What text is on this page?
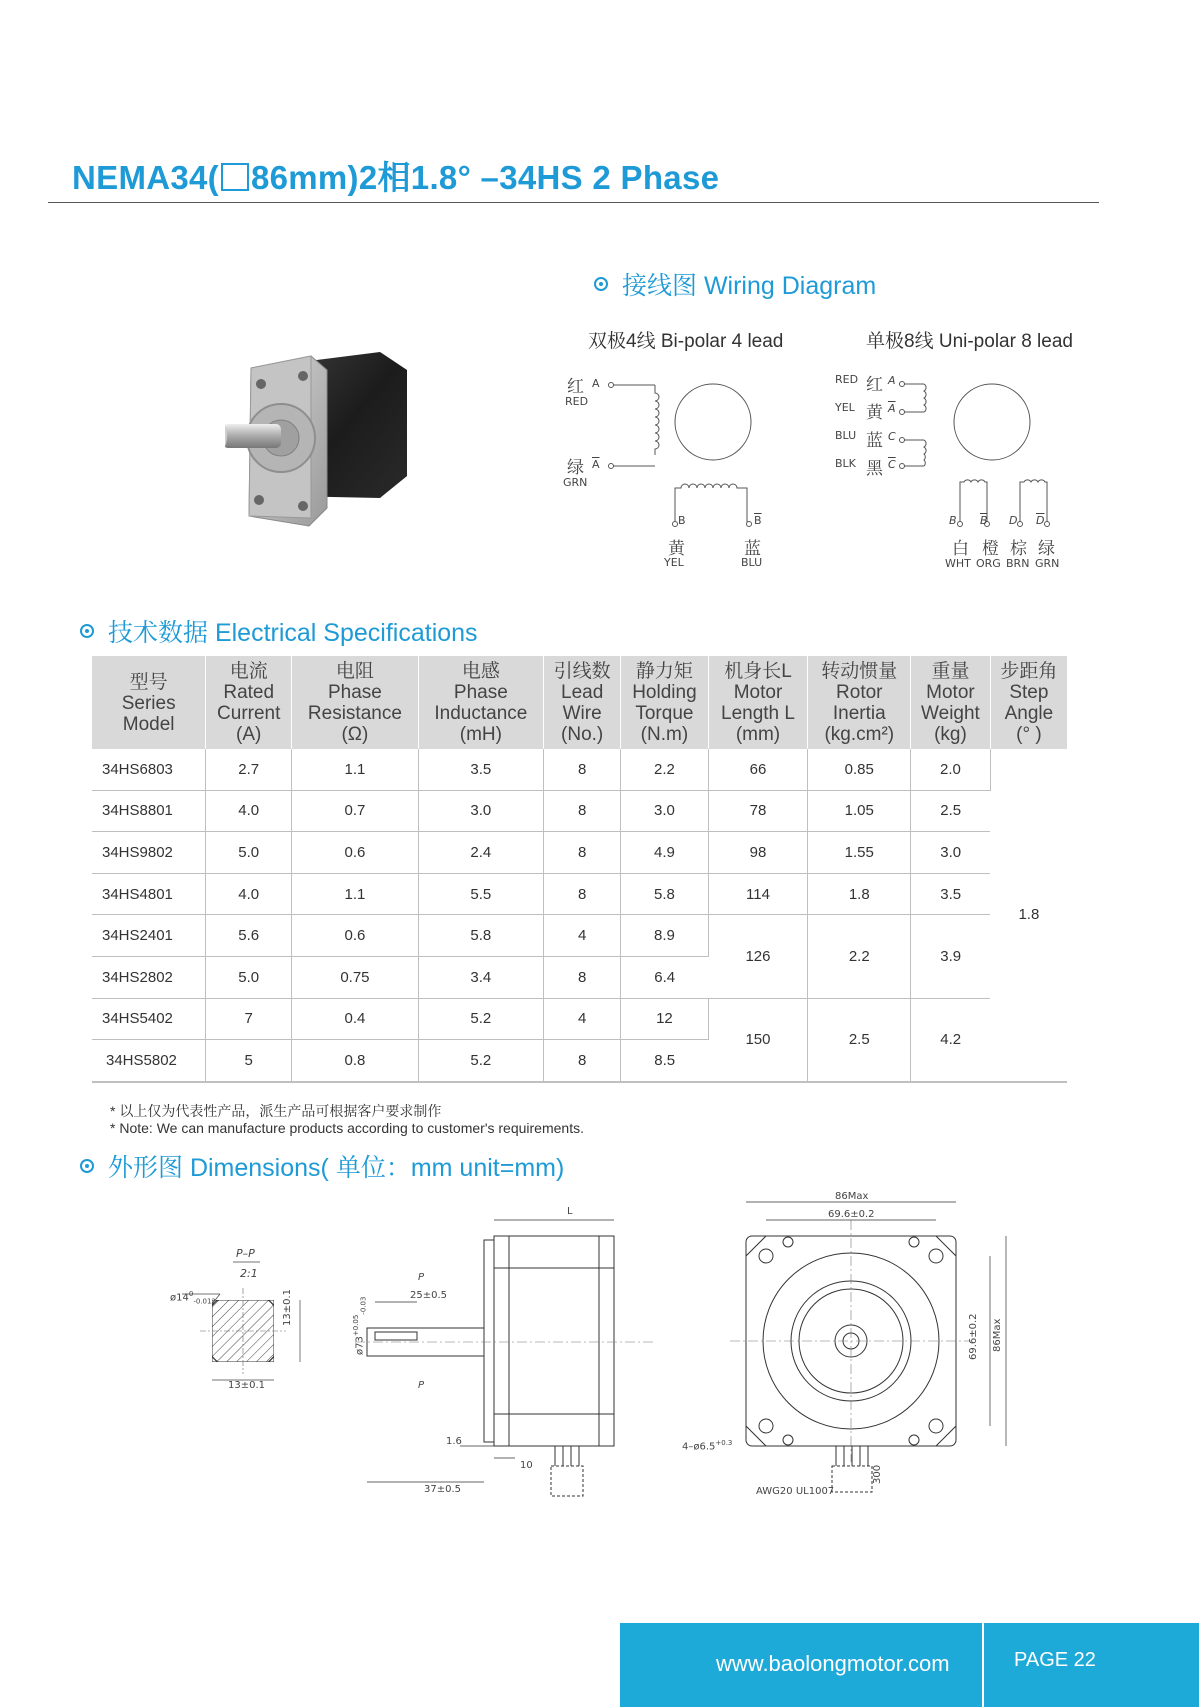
NEMA34( 86mm)2相1.8° –34HS 2 Phase
接线图 Wiring Diagram
双极4线 Bi-polar 4 lead	单极8线 Uni-polar 8 lead
红 A
RED
绿 $\overline{A}$
GRN
B
黄
YEL
$\overline{B}$
蓝
BLU
RED 红 A
YEL 黄 $\overline{A}$
BLU 蓝 C
BLK 黑 $\overline{C}$
B
白
WHT
$\overline{B}$
橙
ORG
D
棕
BRN
$\overline{D}$
绿
GRN
技术数据 Electrical Specifications
型号
Series
Model	电流
Rated
Current
(A)	电阻
Phase
Resistance
(Ω)	电感
Phase
Inductance
(mH)	引线数
Lead
Wire
(No.)	静力矩
Holding
Torque
(N.m)	机身长L
Motor
Length L
(mm)	转动惯量
Rotor
Inertia
(kg.cm²)	重量
Motor
Weight
(kg)	步距角
Step
Angle
(° )
34HS6803	2.7	1.1	3.5	8	2.2	66	0.85	2.0	1.8
34HS8801	4.0	0.7	3.0	8	3.0	78	1.05	2.5	
34HS9802	5.0	0.6	2.4	8	4.9	98	1.55	3.0	
34HS4801	4.0	1.1	5.5	8	5.8	114	1.8	3.5	
34HS2401	5.6	0.6	5.8	4	8.9	126	2.2	3.9	
34HS2802	5.0	0.75	3.4	8	6.4				
34HS5402	7	0.4	5.2	4	12	150	2.5	4.2	
34HS5802	5	0.8	5.2	8	8.5				
* 以上仅为代表性产品，派生产品可根据客户要求制作
* Note: We can manufacture products according to customer's requirements.
外形图 Dimensions( 单位：mm unit=mm)
P–P
2:1
$ø14^0_{-0.012}$	13±0.1
13±0.1
L
P
25±0.5
P
$ø73^{+0.05}_{-0.03}$
1.6
10
37±0.5
86Max
69.6±0.2
69.6±0.2 86Max
$4-ø6.5^{+0.3}$
AWG20 UL1007
300
www.baolongmotor.com	PAGE 22
